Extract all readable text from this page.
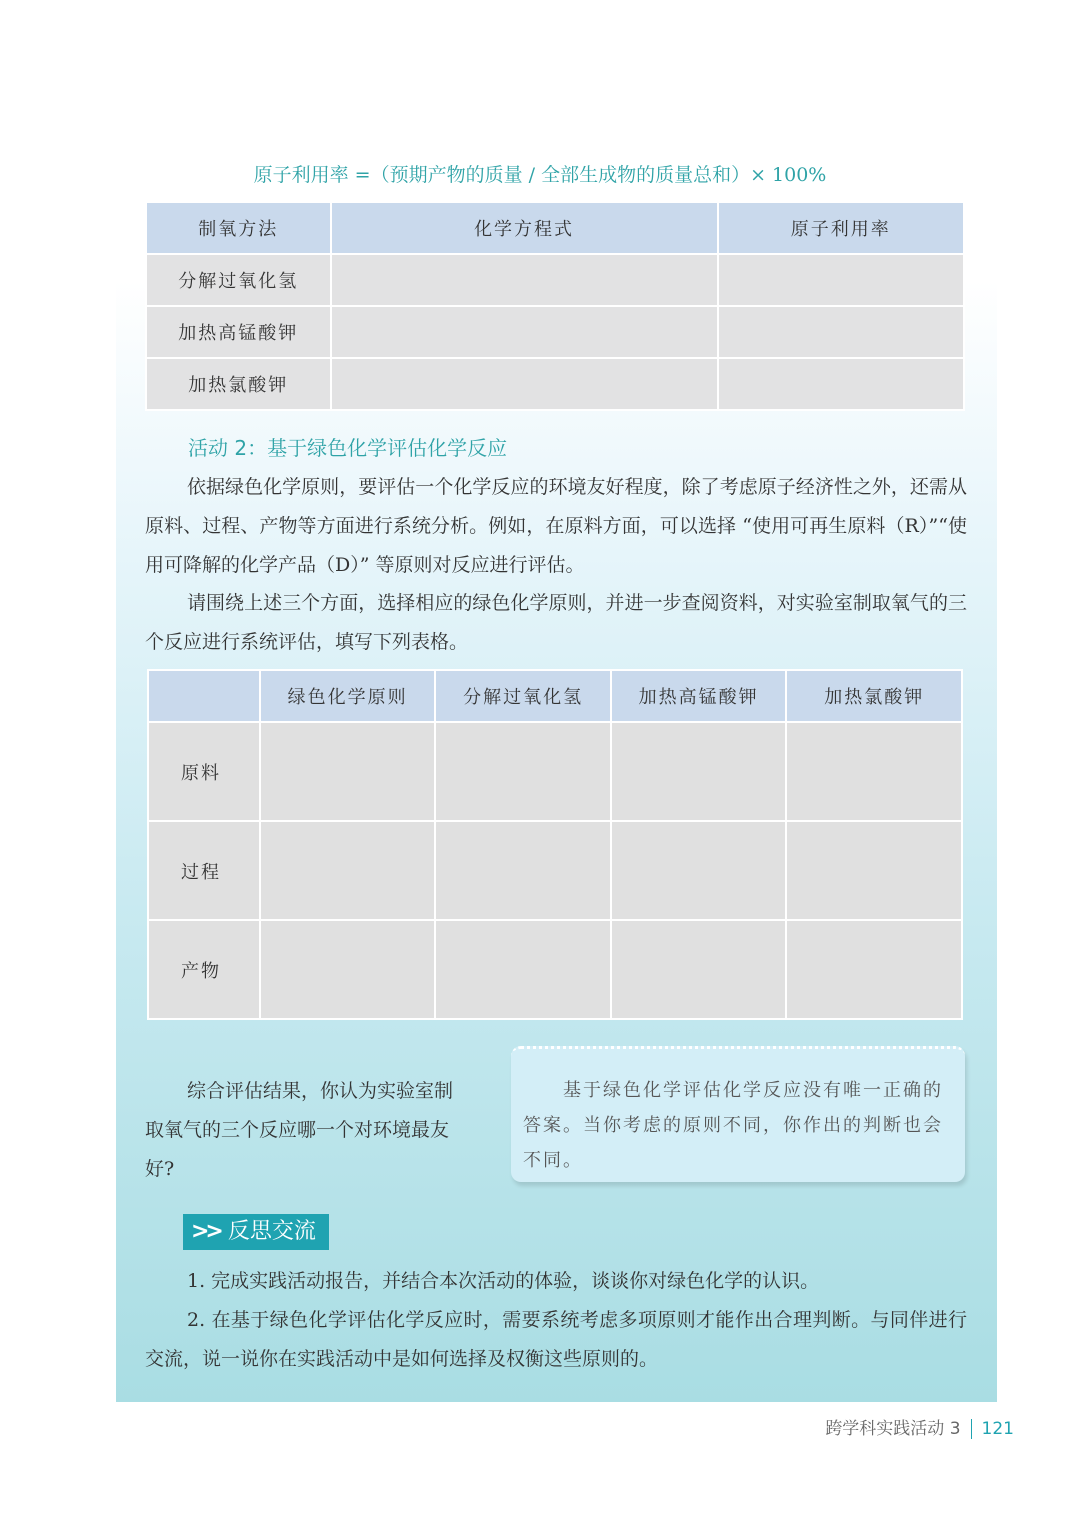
原子利用率 =（预期产物的质量 / 全部生成物的质量总和）× 100%
制氧方法	化学方程式	原子利用率
分解过氧化氢		
加热高锰酸钾		
加热氯酸钾		
活动 2：基于绿色化学评估化学反应

依据绿色化学原则，要评估一个化学反应的环境友好程度，除了考虑原子经济性之外，还需从原料、过程、产物等方面进行系统分析。例如，在原料方面，可以选择 “使用可再生原料（R）”“使用可降解的化学产品（D）” 等原则对反应进行评估。

请围绕上述三个方面，选择相应的绿色化学原则，并进一步查阅资料，对实验室制取氧气的三个反应进行系统评估，填写下列表格。

	绿色化学原则	分解过氧化氢	加热高锰酸钾	加热氯酸钾
原料				
过程				
产物				

综合评估结果，你认为实验室制取氧气的三个反应哪一个对环境最友好?

基于绿色化学评估化学反应没有唯一正确的答案。当你考虑的原则不同，你作出的判断也会不同。
>> 反思交流

1. 完成实践活动报告，并结合本次活动的体验，谈谈你对绿色化学的认识。

2. 在基于绿色化学评估化学反应时，需要系统考虑多项原则才能作出合理判断。与同伴进行交流，说一说你在实践活动中是如何选择及权衡这些原则的。

跨学科实践活动 3 121
